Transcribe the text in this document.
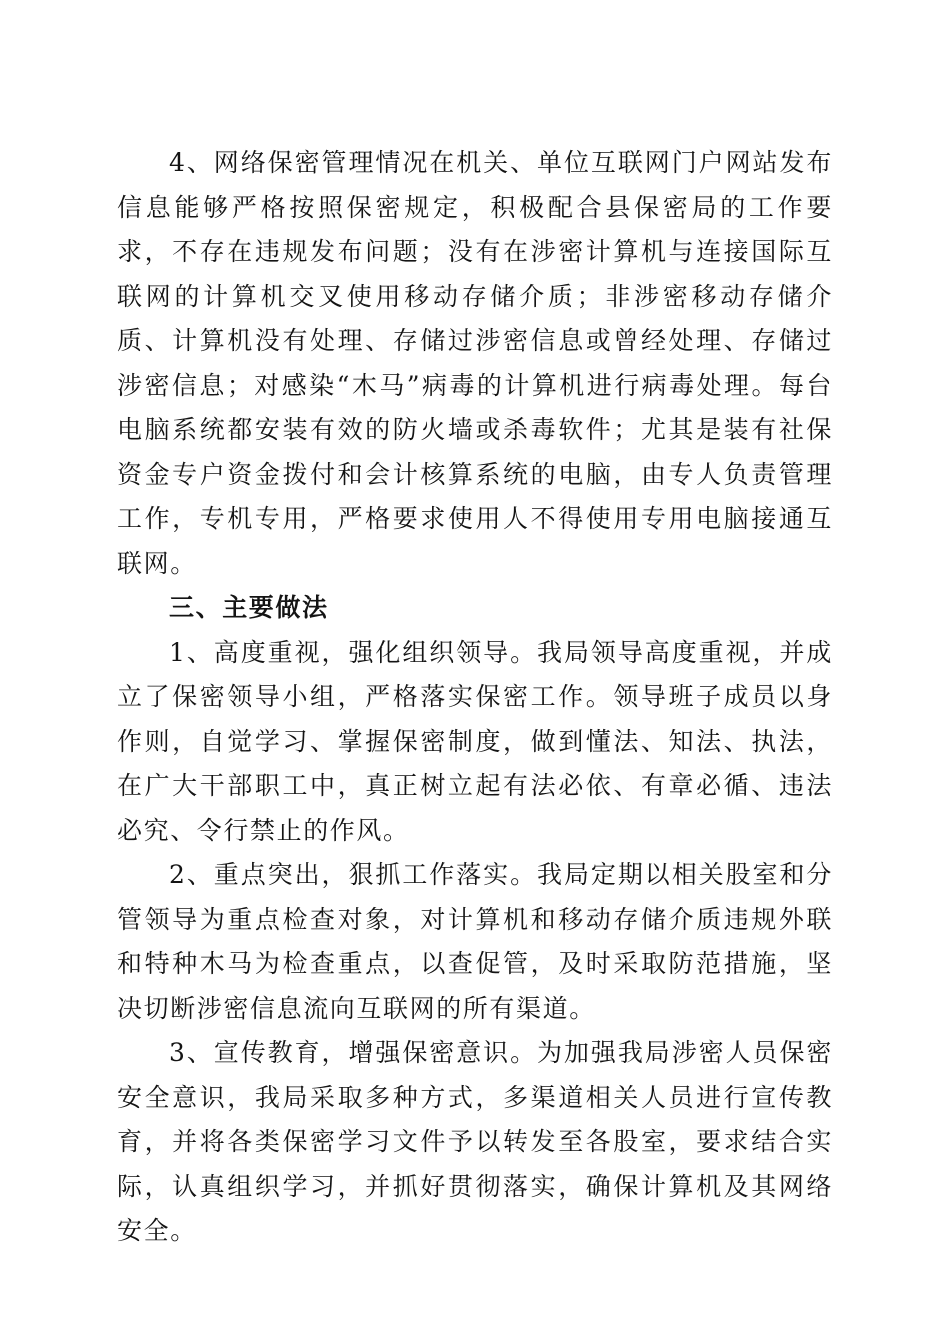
4、网络保密管理情况在机关、单位互联网门户网站发布信息能够严格按照保密规定，积极配合县保密局的工作要求，不存在违规发布问题；没有在涉密计算机与连接国际互联网的计算机交叉使用移动存储介质；非涉密移动存储介质、计算机没有处理、存储过涉密信息或曾经处理、存储过涉密信息；对感染“木马”病毒的计算机进行病毒处理。每台电脑系统都安装有效的防火墙或杀毒软件；尤其是装有社保资金专户资金拨付和会计核算系统的电脑，由专人负责管理工作，专机专用，严格要求使用人不得使用专用电脑接通互联网。

三、主要做法

1、高度重视，强化组织领导。我局领导高度重视，并成立了保密领导小组，严格落实保密工作。领导班子成员以身作则，自觉学习、掌握保密制度，做到懂法、知法、执法，在广大干部职工中，真正树立起有法必依、有章必循、违法必究、令行禁止的作风。

2、重点突出，狠抓工作落实。我局定期以相关股室和分管领导为重点检查对象，对计算机和移动存储介质违规外联和特种木马为检查重点，以查促管，及时采取防范措施，坚决切断涉密信息流向互联网的所有渠道。

3、宣传教育，增强保密意识。为加强我局涉密人员保密安全意识，我局采取多种方式，多渠道相关人员进行宣传教育，并将各类保密学习文件予以转发至各股室，要求结合实际，认真组织学习，并抓好贯彻落实，确保计算机及其网络安全。
